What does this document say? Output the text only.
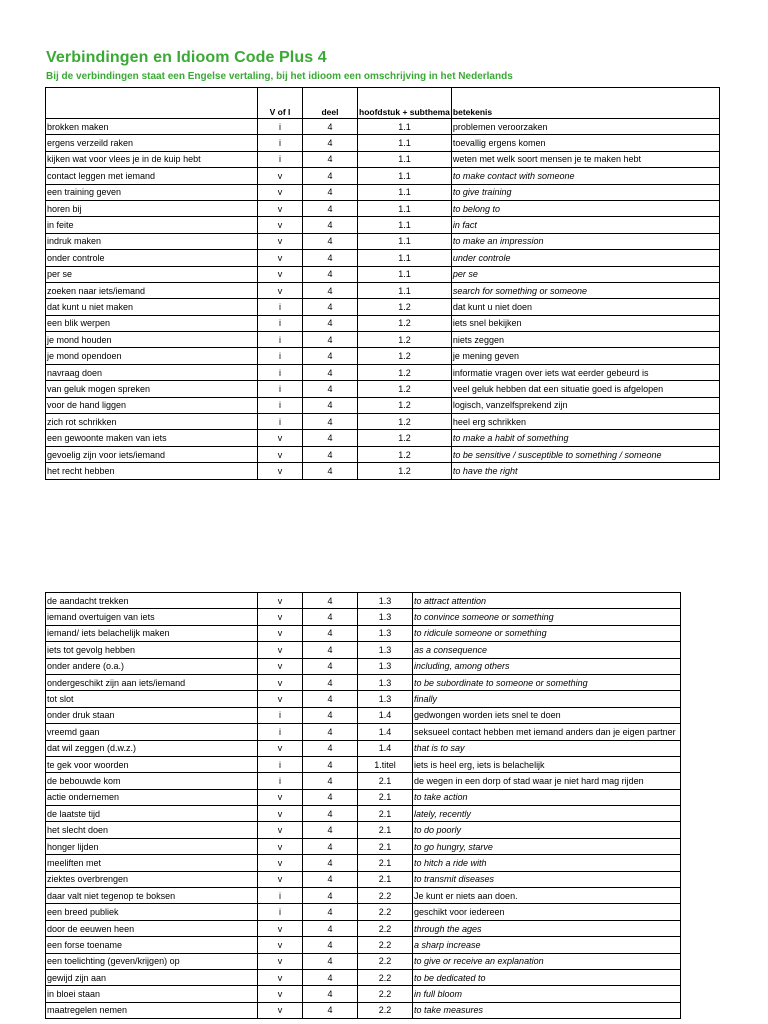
Verbindingen en Idioom Code Plus 4
Bij de verbindingen staat een Engelse vertaling, bij het idioom een omschrijving in het Nederlands
	V of I	deel	hoofdstuk + subthema	betekenis
brokken maken	i	4	1.1	problemen veroorzaken
ergens verzeild raken	i	4	1.1	toevallig ergens komen
kijken wat voor vlees je in de kuip hebt	i	4	1.1	weten met welk soort mensen je te maken hebt
contact leggen met iemand	v	4	1.1	to make contact with someone
een training geven	v	4	1.1	to give training
horen bij	v	4	1.1	to belong to
in feite	v	4	1.1	in fact
indruk maken	v	4	1.1	to make an impression
onder controle	v	4	1.1	under controle
per se	v	4	1.1	per se
zoeken naar iets/iemand	v	4	1.1	search for something or someone
dat kunt u niet maken	i	4	1.2	dat kunt u niet doen
een blik werpen	i	4	1.2	iets snel bekijken
je mond houden	i	4	1.2	niets zeggen
je mond opendoen	i	4	1.2	je mening geven
navraag doen	i	4	1.2	informatie vragen over iets wat eerder gebeurd is
van geluk mogen spreken	i	4	1.2	veel geluk hebben dat een situatie goed is afgelopen
voor de hand liggen	i	4	1.2	logisch, vanzelfsprekend zijn
zich rot schrikken	i	4	1.2	heel erg schrikken
een gewoonte maken van iets	v	4	1.2	to make a habit of something
gevoelig zijn voor iets/iemand	v	4	1.2	to be sensitive / susceptible to something / someone
het recht hebben	v	4	1.2	to have the right
de aandacht trekken	v	4	1.3	to attract attention
iemand overtuigen van iets	v	4	1.3	to convince someone or something
iemand/ iets belachelijk maken	v	4	1.3	to ridicule someone or something
iets tot gevolg hebben	v	4	1.3	as a consequence
onder andere (o.a.)	v	4	1.3	including, among others
ondergeschikt zijn aan iets/iemand	v	4	1.3	to be subordinate to someone or something
tot slot	v	4	1.3	finally
onder druk staan	i	4	1.4	gedwongen worden iets snel te doen
vreemd gaan	i	4	1.4	seksueel contact hebben met iemand anders dan je eigen partner
dat wil zeggen (d.w.z.)	v	4	1.4	that is to say
te gek voor woorden	i	4	1.titel	iets is heel erg, iets is belachelijk
de bebouwde kom	i	4	2.1	de wegen in een dorp of stad waar je niet hard mag rijden
actie ondernemen	v	4	2.1	to take action
de laatste tijd	v	4	2.1	lately, recently
het slecht doen	v	4	2.1	to do poorly
honger lijden	v	4	2.1	to go hungry, starve
meeliften met	v	4	2.1	to hitch a ride with
ziektes overbrengen	v	4	2.1	to transmit diseases
daar valt niet tegenop te boksen	i	4	2.2	Je kunt er niets aan doen.
een breed publiek	i	4	2.2	geschikt voor iedereen
door de eeuwen heen	v	4	2.2	through the ages
een forse toename	v	4	2.2	a sharp increase
een toelichting (geven/krijgen) op	v	4	2.2	to give or receive an explanation
gewijd zijn aan	v	4	2.2	to be dedicated to
in bloei staan	v	4	2.2	in full bloom
maatregelen nemen	v	4	2.2	to take measures
